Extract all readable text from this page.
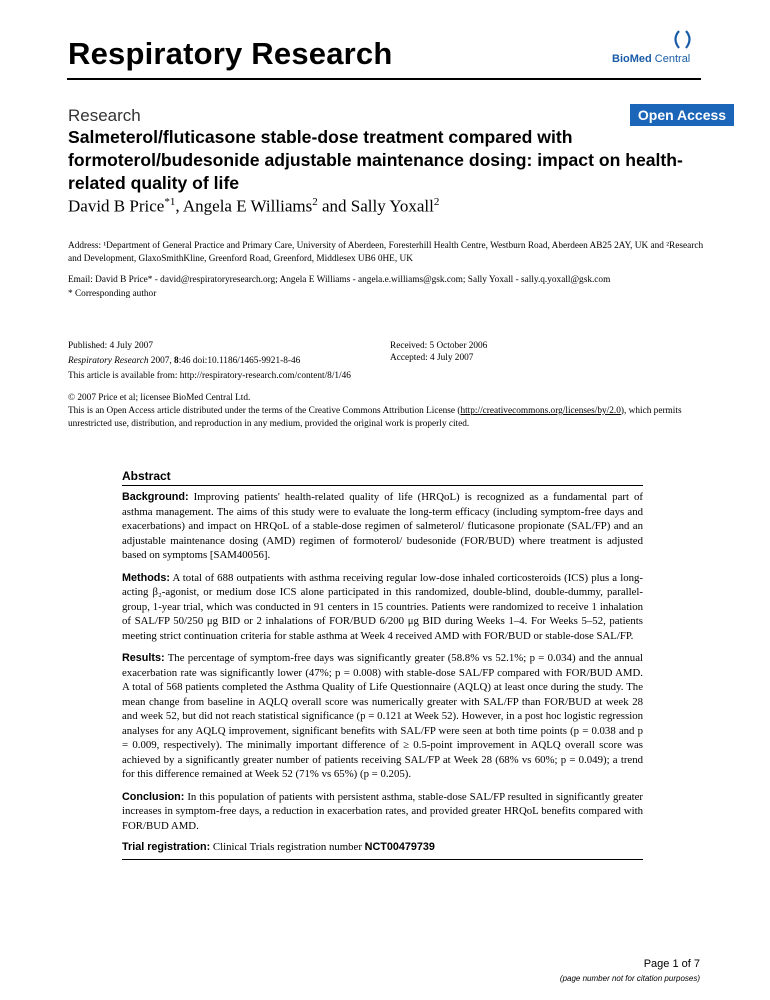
Respiratory Research	BioMed Central
Research	Open Access
Salmeterol/fluticasone stable-dose treatment compared with formoterol/budesonide adjustable maintenance dosing: impact on health-related quality of life
David B Price$^{*1}$, Angela E Williams$^2$ and Sally Yoxall$^2$
Address: ¹Department of General Practice and Primary Care, University of Aberdeen, Foresterhill Health Centre, Westburn Road, Aberdeen AB25 2AY, UK and ²Research and Development, GlaxoSmithKline, Greenford Road, Greenford, Middlesex UB6 0HE, UK
Email: David B Price* - david@respiratoryresearch.org; Angela E Williams - angela.e.williams@gsk.com; Sally Yoxall - sally.q.yoxall@gsk.com
* Corresponding author
Published: 4 July 2007
Respiratory Research 2007, 8:46 doi:10.1186/1465-9921-8-46
This article is available from: http://respiratory-research.com/content/8/1/46
Received: 5 October 2006
Accepted: 4 July 2007
© 2007 Price et al; licensee BioMed Central Ltd.
This is an Open Access article distributed under the terms of the Creative Commons Attribution License (http://creativecommons.org/licenses/by/2.0), which permits unrestricted use, distribution, and reproduction in any medium, provided the original work is properly cited.
Abstract

Background: Improving patients' health-related quality of life (HRQoL) is recognized as a fundamental part of asthma management. The aims of this study were to evaluate the long-term efficacy (including symptom-free days and exacerbations) and impact on HRQoL of a stable-dose regimen of salmeterol/ fluticasone propionate (SAL/FP) and an adjustable maintenance dosing (AMD) regimen of formoterol/ budesonide (FOR/BUD) where treatment is adjusted based on symptoms [SAM40056].

Methods: A total of 688 outpatients with asthma receiving regular low-dose inhaled corticosteroids (ICS) plus a long-acting β₂-agonist, or medium dose ICS alone participated in this randomized, double-blind, double-dummy, parallel-group, 1-year trial, which was conducted in 91 centers in 15 countries. Patients were randomized to receive 1 inhalation of SAL/FP 50/250 μg BID or 2 inhalations of FOR/BUD 6/200 μg BID during Weeks 1–4. For Weeks 5–52, patients meeting strict continuation criteria for stable asthma at Week 4 received AMD with FOR/BUD or stable-dose SAL/FP.

Results: The percentage of symptom-free days was significantly greater (58.8% vs 52.1%; p = 0.034) and the annual exacerbation rate was significantly lower (47%; p = 0.008) with stable-dose SAL/FP compared with FOR/BUD AMD. A total of 568 patients completed the Asthma Quality of Life Questionnaire (AQLQ) at least once during the study. The mean change from baseline in AQLQ overall score was numerically greater with SAL/FP than FOR/BUD at week 28 and week 52, but did not reach statistical significance (p = 0.121 at Week 52). However, in a post hoc logistic regression analyses for any AQLQ improvement, significant benefits with SAL/FP were seen at both time points (p = 0.038 and p = 0.009, respectively). The minimally important difference of ≥ 0.5-point improvement in AQLQ overall score was achieved by a significantly greater number of patients receiving SAL/FP at Week 28 (68% vs 60%; p = 0.049); a trend for this difference remained at Week 52 (71% vs 65%) (p = 0.205).

Conclusion: In this population of patients with persistent asthma, stable-dose SAL/FP resulted in significantly greater increases in symptom-free days, a reduction in exacerbation rates, and provided greater HRQoL benefits compared with FOR/BUD AMD.

Trial registration: Clinical Trials registration number NCT00479739
Page 1 of 7
(page number not for citation purposes)
